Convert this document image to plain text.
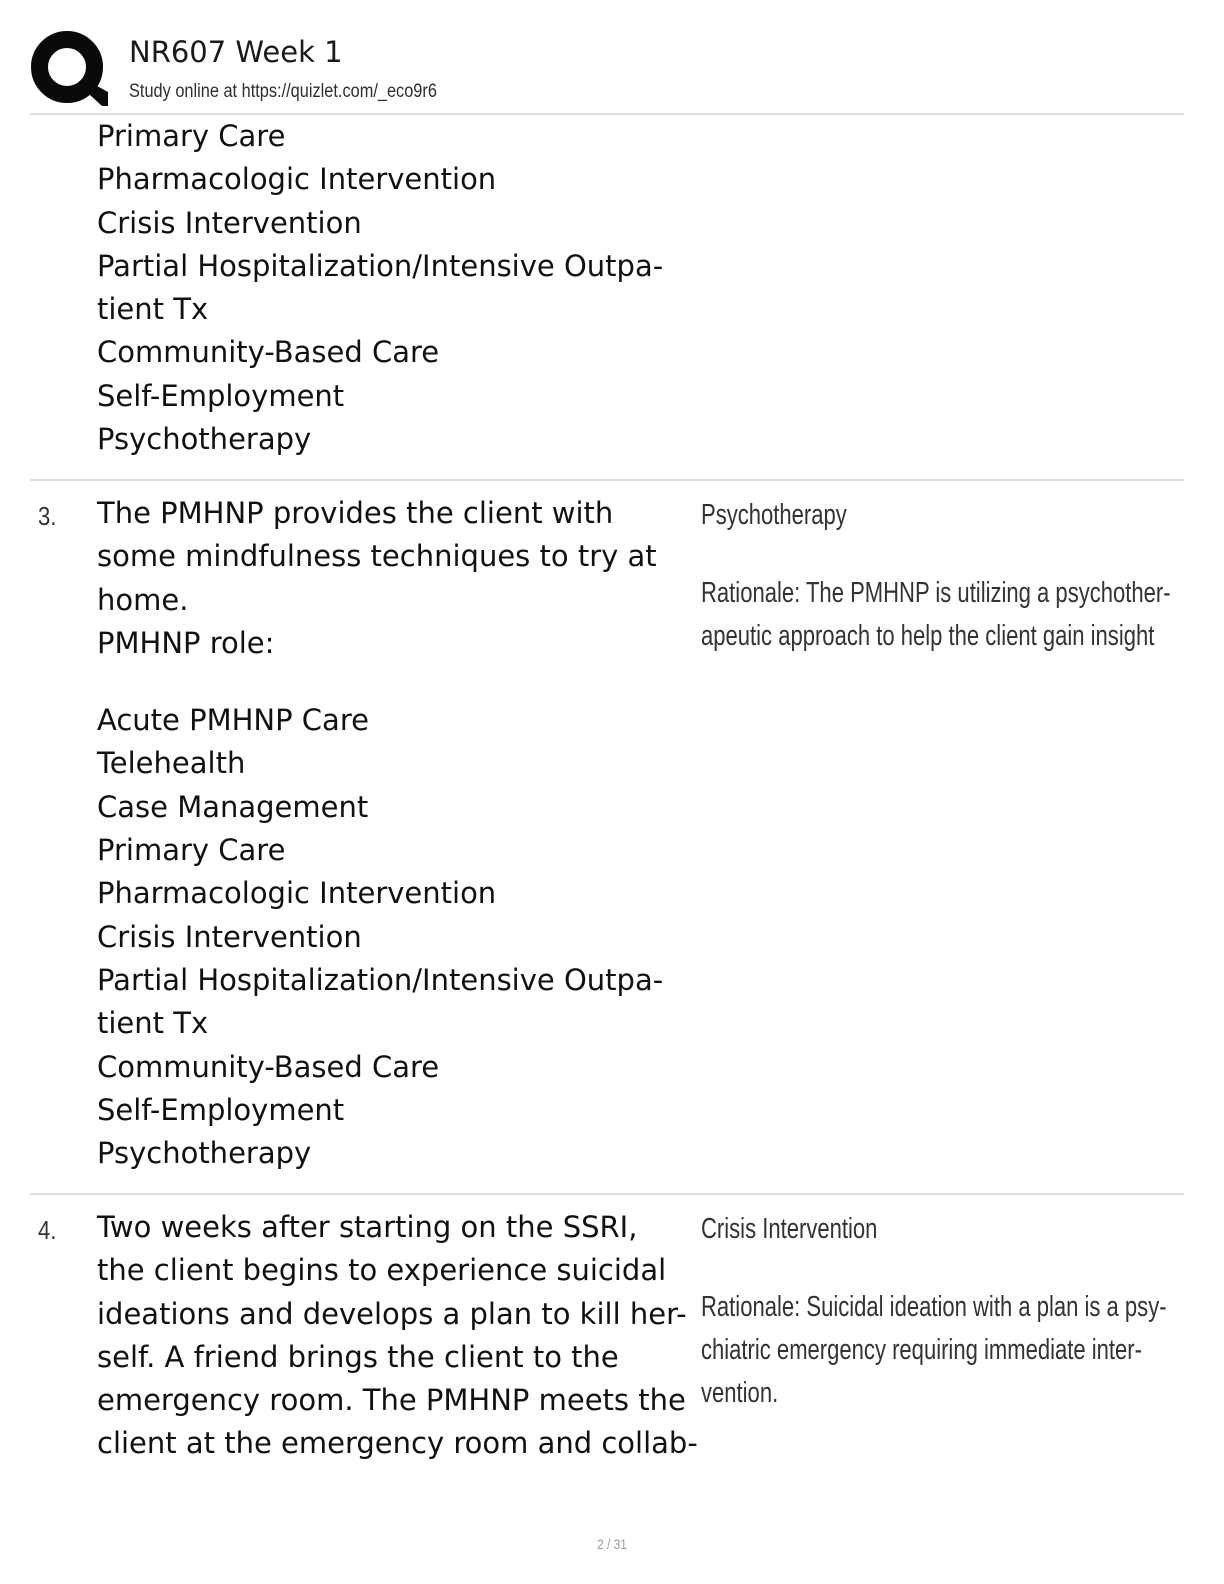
NR607 Week 1
Study online at https://quizlet.com/_eco9r6
Primary Care
Pharmacologic Intervention
Crisis Intervention
Partial Hospitalization/Intensive Outpa-
tient Tx
Community-Based Care
Self-Employment
Psychotherapy
3. The PMHNP provides the client with
some mindfulness techniques to try at
home.
PMHNP role:
Acute PMHNP Care
Telehealth
Case Management
Primary Care
Pharmacologic Intervention
Crisis Intervention
Partial Hospitalization/Intensive Outpa-
tient Tx
Community-Based Care
Self-Employment
Psychotherapy
Psychotherapy
Rationale: The PMHNP is utilizing a psychother-
apeutic approach to help the client gain insight
4. Two weeks after starting on the SSRI,
the client begins to experience suicidal
ideations and develops a plan to kill her-
self. A friend brings the client to the
emergency room. The PMHNP meets the
client at the emergency room and collab-
Crisis Intervention
Rationale: Suicidal ideation with a plan is a psy-
chiatric emergency requiring immediate inter-
vention.
2 / 31
